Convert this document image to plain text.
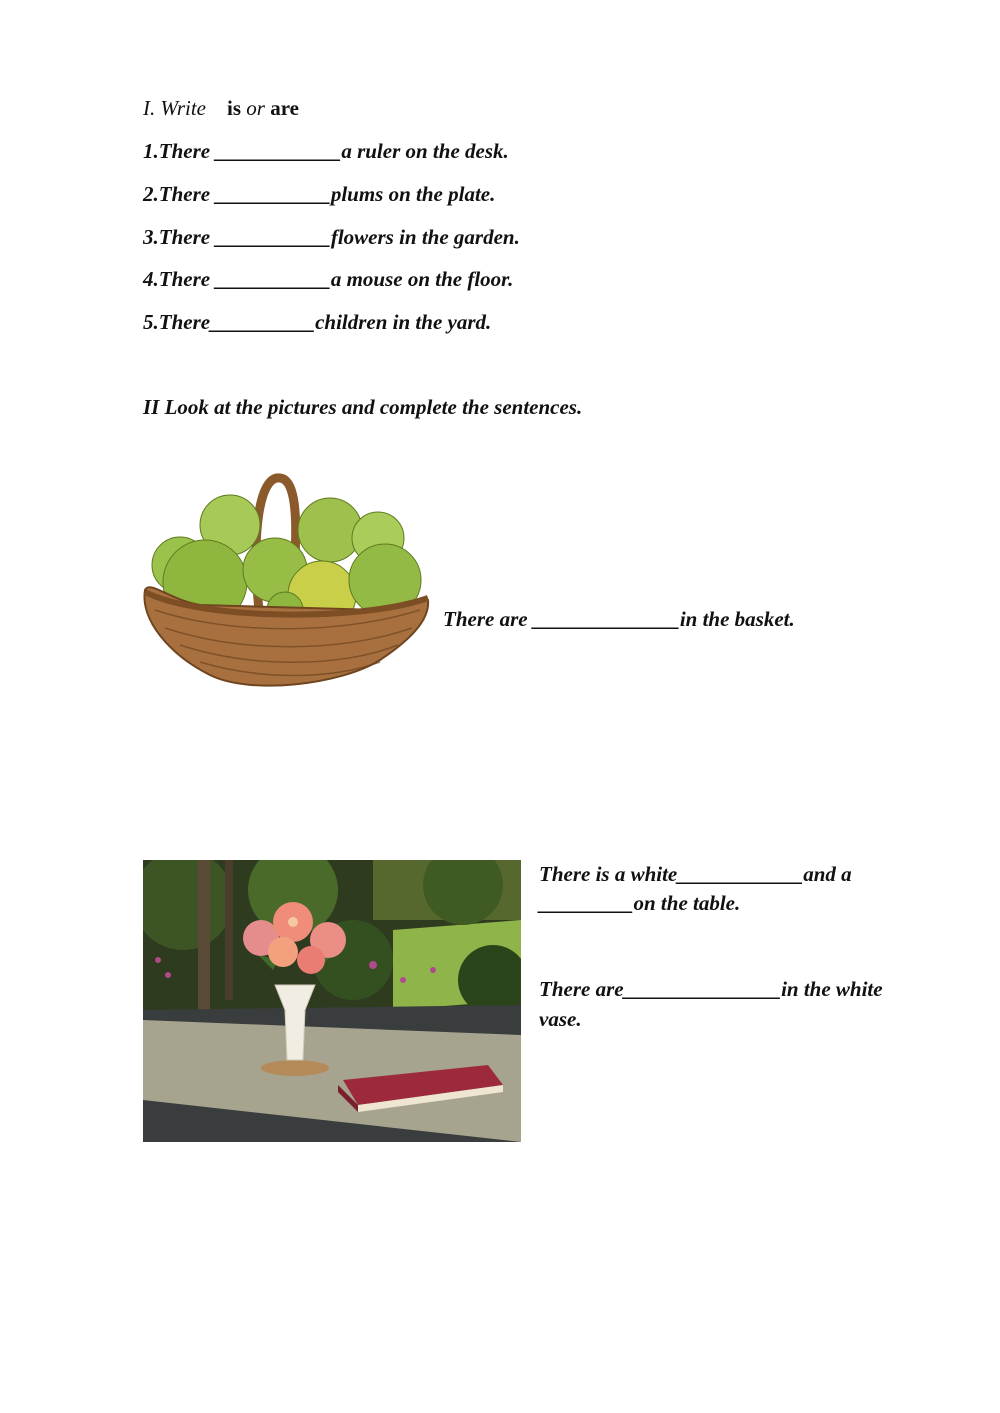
I. Write is or are
1.There ____________a ruler on the desk.
2.There ___________plums on the plate.
3.There ___________flowers in the garden.
4.There ___________a mouse on the floor.
5.There__________children in the yard.
II Look at the pictures and complete the sentences.
There are ______________in the basket.
There is a white____________and a
_________on the table.
There are_______________in the white
vase.
